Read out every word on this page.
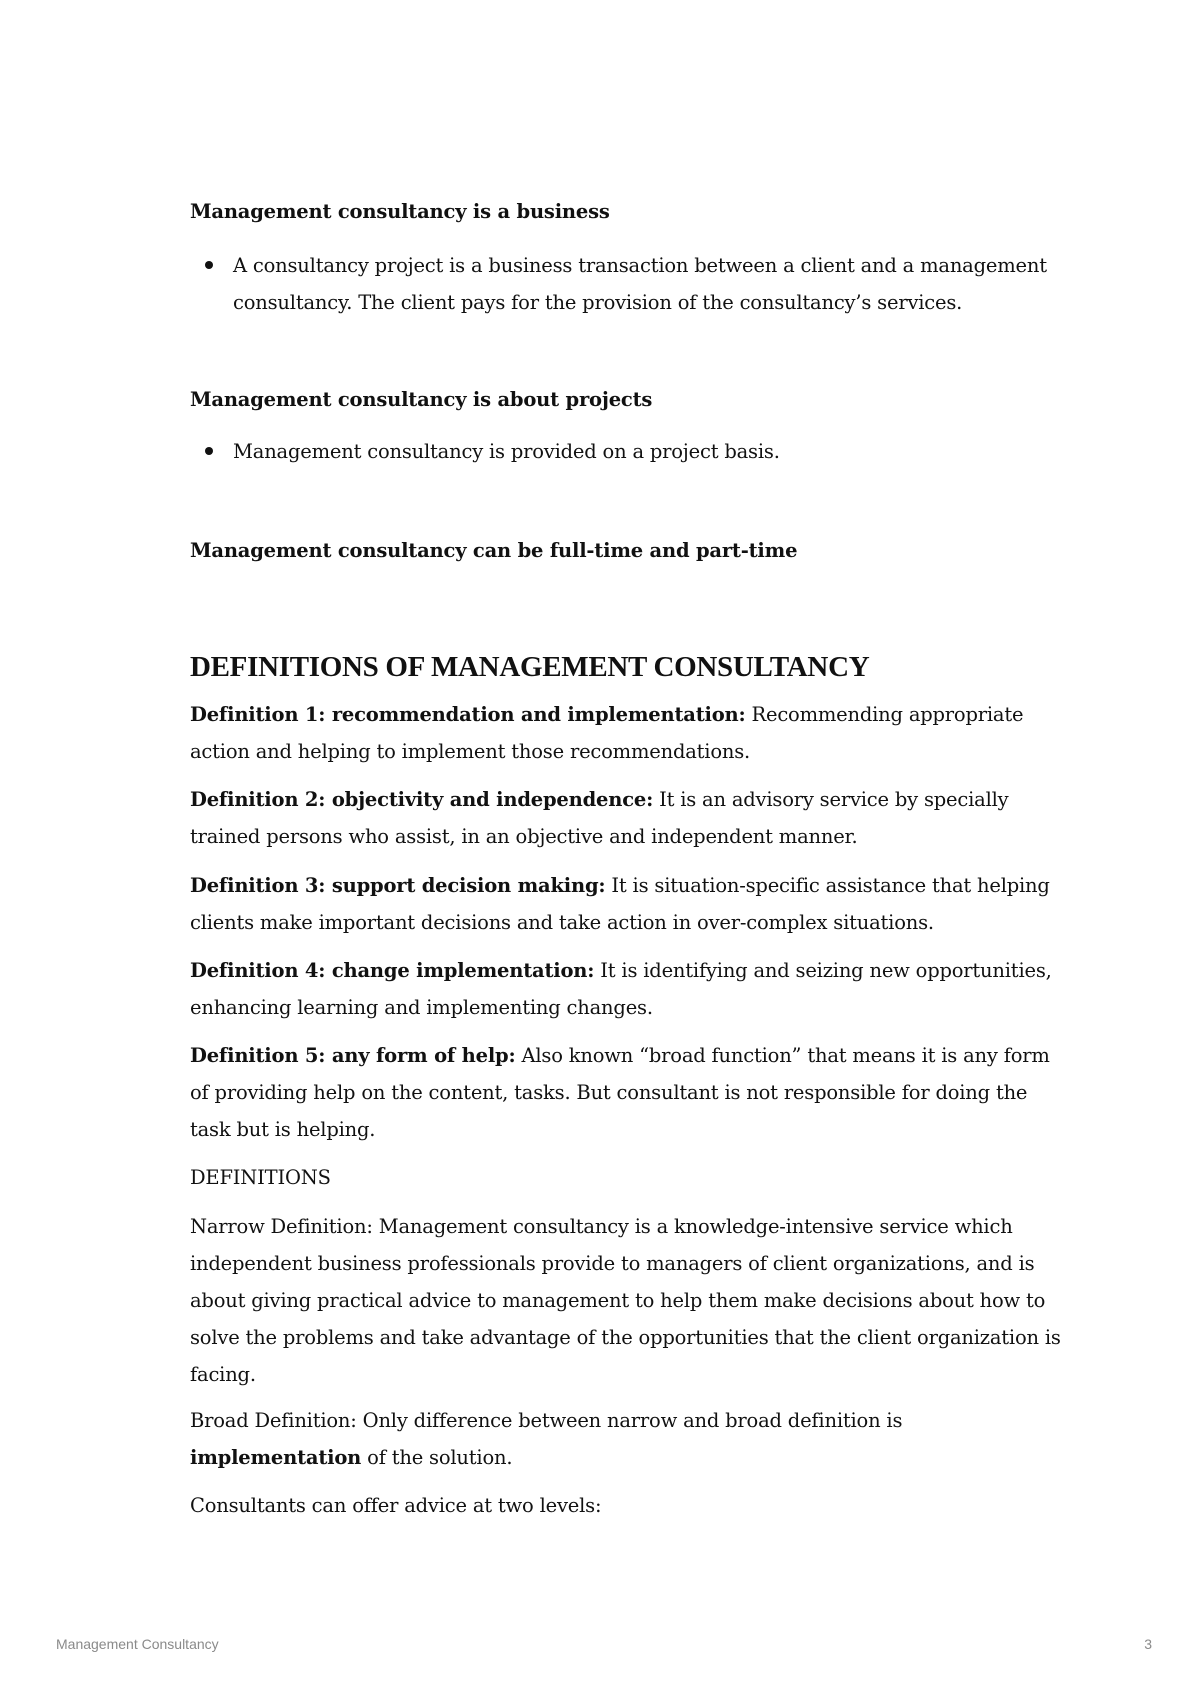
Management consultancy is a business

A consultancy project is a business transaction between a client and a management consultancy. The client pays for the provision of the consultancy’s services.

Management consultancy is about projects

Management consultancy is provided on a project basis.

Management consultancy can be full-time and part-time

DEFINITIONS OF MANAGEMENT CONSULTANCY

Definition 1: recommendation and implementation: Recommending appropriate action and helping to implement those recommendations.

Definition 2: objectivity and independence: It is an advisory service by specially trained persons who assist, in an objective and independent manner.

Definition 3: support decision making: It is situation-specific assistance that helping clients make important decisions and take action in over-complex situations.

Definition 4: change implementation: It is identifying and seizing new opportunities, enhancing learning and implementing changes.

Definition 5: any form of help: Also known “broad function” that means it is any form of providing help on the content, tasks. But consultant is not responsible for doing the task but is helping.

DEFINITIONS

Narrow Definition: Management consultancy is a knowledge-intensive service which independent business professionals provide to managers of client organizations, and is about giving practical advice to management to help them make decisions about how to solve the problems and take advantage of the opportunities that the client organization is facing.

Broad Definition: Only difference between narrow and broad definition is implementation of the solution.

Consultants can offer advice at two levels:

Management Consultancy	3
